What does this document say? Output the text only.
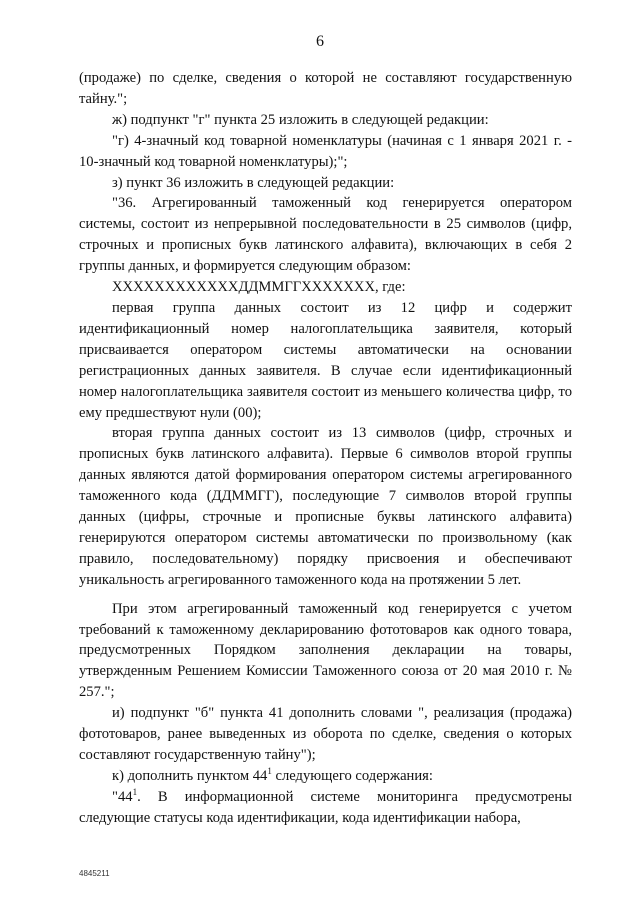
6

(продаже) по сделке, сведения о которой не составляют государственную тайну.";

ж) подпункт "г" пункта 25 изложить в следующей редакции:

"г) 4-значный код товарной номенклатуры (начиная с 1 января 2021 г. - 10-значный код товарной номенклатуры);";

з) пункт 36 изложить в следующей редакции:

"36. Агрегированный таможенный код генерируется оператором системы, состоит из непрерывной последовательности в 25 символов (цифр, строчных и прописных букв латинского алфавита), включающих в себя 2 группы данных, и формируется следующим образом:

ХХХХХХХХХХХХДДММГГХХХХХХХ, где:

первая группа данных состоит из 12 цифр и содержит идентификационный номер налогоплательщика заявителя, который присваивается оператором системы автоматически на основании регистрационных данных заявителя. В случае если идентификационный номер налогоплательщика заявителя состоит из меньшего количества цифр, то ему предшествуют нули (00);

вторая группа данных состоит из 13 символов (цифр, строчных и прописных букв латинского алфавита). Первые 6 символов второй группы данных являются датой формирования оператором системы агрегированного таможенного кода (ДДММГГ), последующие 7 символов второй группы данных (цифры, строчные и прописные буквы латинского алфавита) генерируются оператором системы автоматически по произвольному (как правило, последовательному) порядку присвоения и обеспечивают уникальность агрегированного таможенного кода на протяжении 5 лет.

При этом агрегированный таможенный код генерируется с учетом требований к таможенному декларированию фототоваров как одного товара, предусмотренных Порядком заполнения декларации на товары, утвержденным Решением Комиссии Таможенного союза от 20 мая 2010 г. № 257.";

и) подпункт "б" пункта 41 дополнить словами ", реализация (продажа) фототоваров, ранее выведенных из оборота по сделке, сведения о которых составляют государственную тайну");

к) дополнить пунктом $44^1$ следующего содержания:

"$44^1$. В информационной системе мониторинга предусмотрены следующие статусы кода идентификации, кода идентификации набора,

4845211
